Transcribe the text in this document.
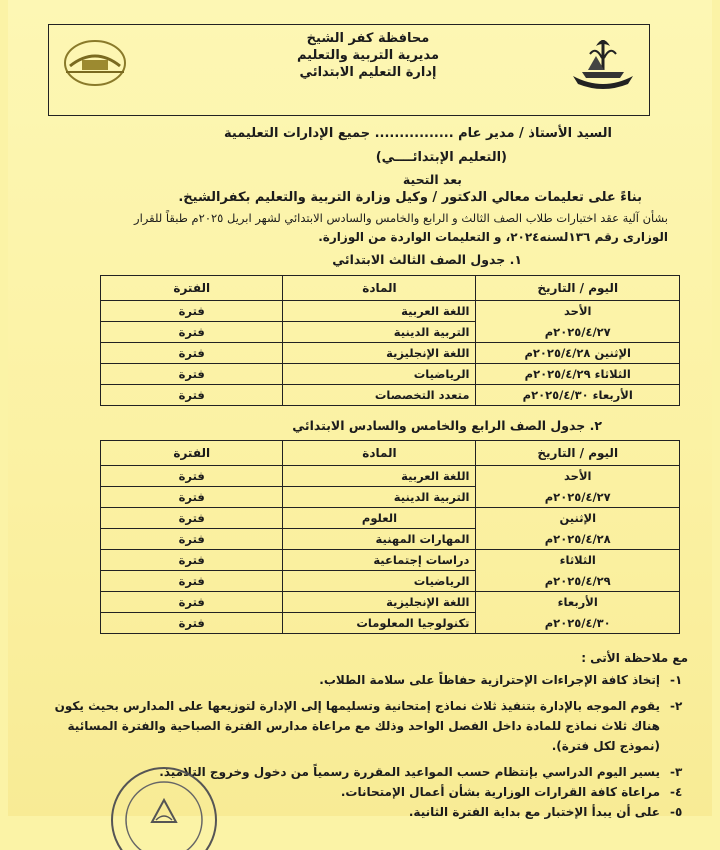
محافظة كفر الشيخ
مديرية التربية والتعليم
إدارة التعليم الابتدائي
السيد الأستاذ / مدير عام ................ جميع الإدارات التعليمية
(التعليم الإبتدائــــي)
بعد التحية
بناءً على تعليمات معالي الدكتور / وكيل وزارة التربية والتعليم بكفرالشيخ.
بشأن آلية عقد اختبارات طلاب الصف الثالث و الرابع والخامس والسادس الابتدائي لشهر ابريل ٢٠٢٥م طبقاً للقرار
الوزارى رقم ١٣٦لسنه٢٠٢٤، و التعليمات الواردة من الوزارة.
١. جدول الصف الثالث الابتدائي
اليوم / التاريخ	المادة	الفترة
الأحد	اللغة العربية	فترة
٢٠٢٥/٤/٢٧م	التربية الدينية	فترة
الإثنين ٢٠٢٥/٤/٢٨م	اللغة الإنجليزية	فترة
الثلاثاء ٢٠٢٥/٤/٢٩م	الرياضيات	فترة
الأربعاء ٢٠٢٥/٤/٣٠م	متعدد التخصصات	فترة
٢. جدول الصف الرابع والخامس والسادس الابتدائي
اليوم / التاريخ	المادة	الفترة
الأحد	اللغة العربية	فترة
٢٠٢٥/٤/٢٧م	التربية الدينية	فترة
الإثنين	العلوم	فترة
٢٠٢٥/٤/٢٨م	المهارات المهنية	فترة
الثلاثاء	دراسات إجتماعية	فترة
٢٠٢٥/٤/٢٩م	الرياضيات	فترة
الأربعاء	اللغة الإنجليزية	فترة
٢٠٢٥/٤/٣٠م	تكنولوجيا المعلومات	فترة
مع ملاحظة الأتى :
١-
إتخاذ كافة الإجراءات الإحترازية حفاظاً على سلامة الطلاب.
٢-
يقوم الموجه بالإدارة بتنفيذ ثلاث نماذج إمتحانية وتسليمها إلى الإدارة لتوزيعها على المدارس بحيث يكون هناك ثلاث نماذج للمادة داخل الفصل الواحد وذلك مع مراعاة مدارس الفترة الصباحية والفترة المسائية (نموذج لكل فترة).
٣-
يسير اليوم الدراسي بإنتظام حسب المواعيد المقررة رسمياً من دخول وخروج التلاميذ.
٤-
مراعاة كافة القرارات الوزارية بشأن أعمال الإمتحانات.
٥-
على أن يبدأ الإختبار مع بداية الفترة الثانية.
